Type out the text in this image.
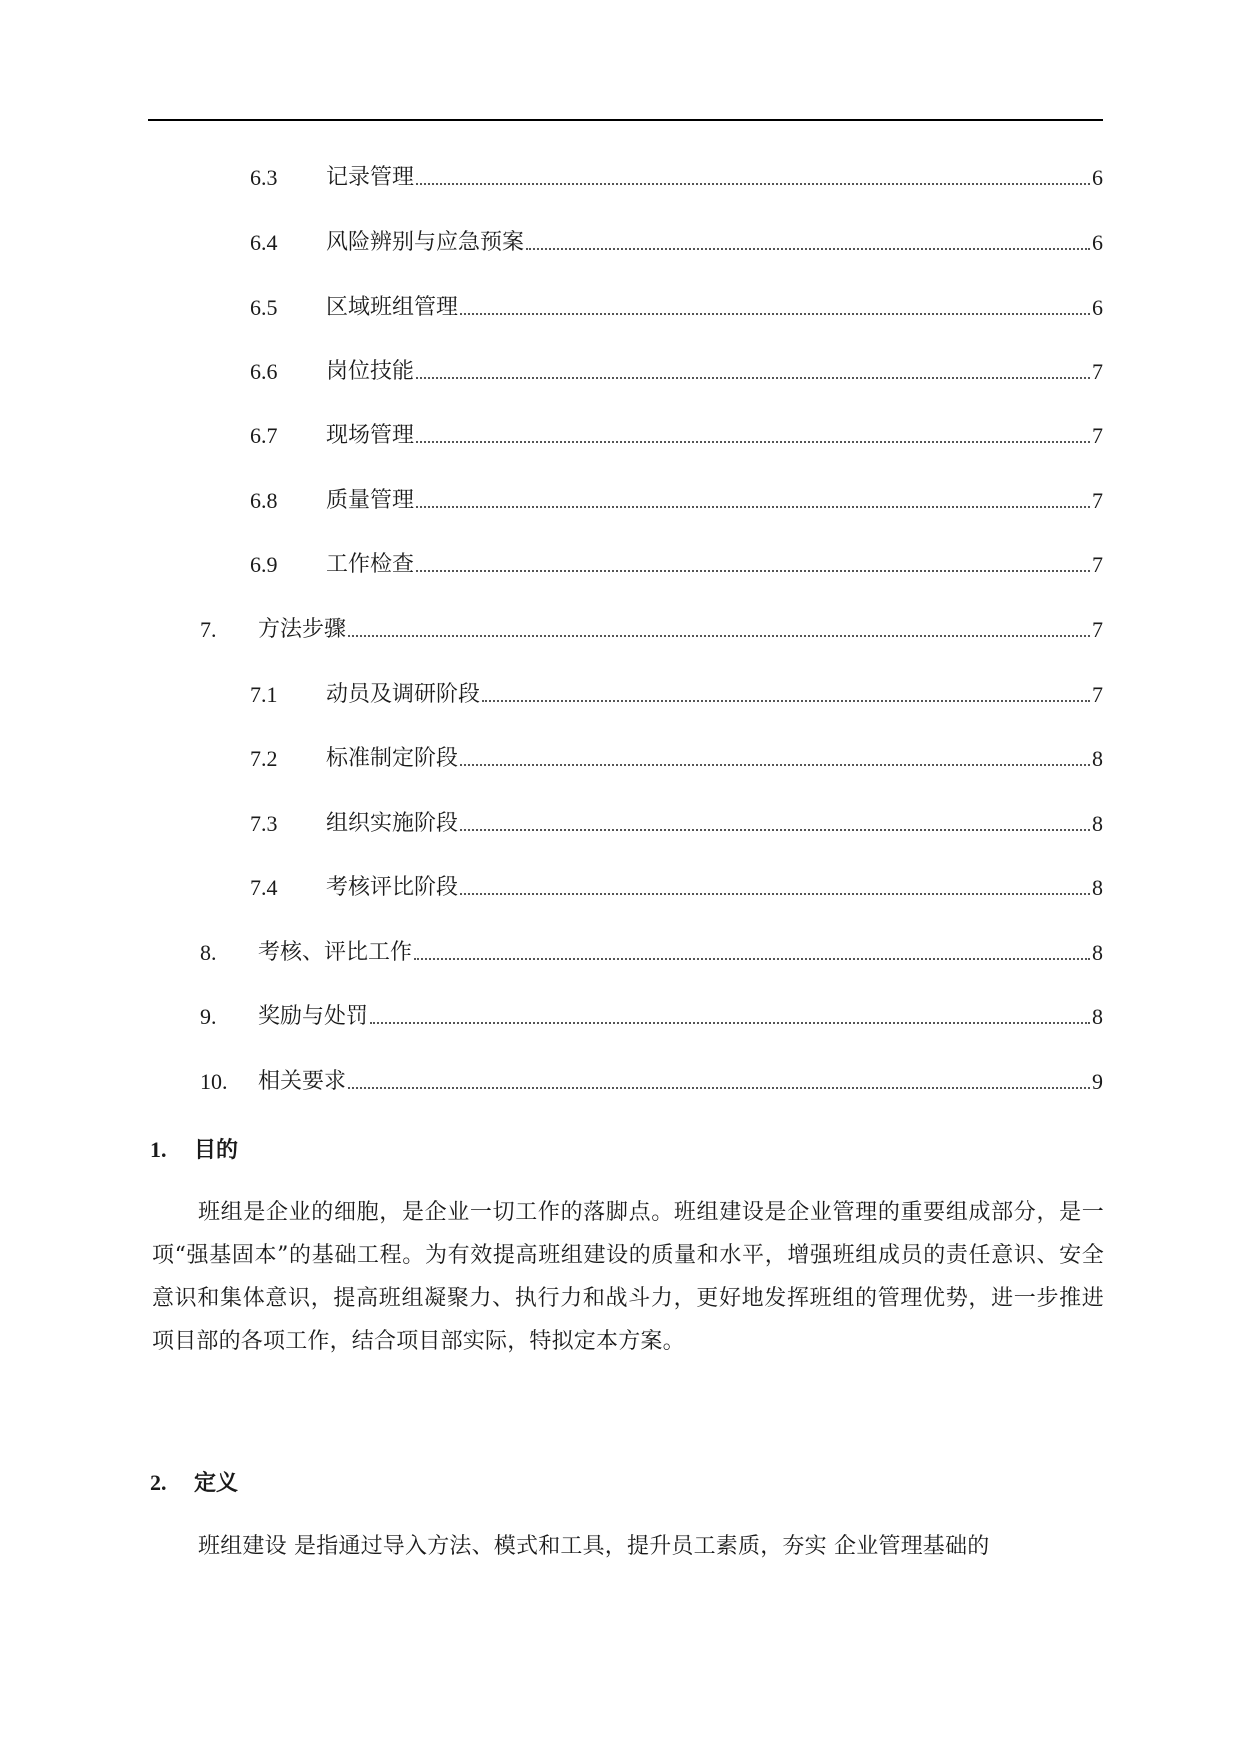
6.3	记录管理	6
6.4	风险辨别与应急预案	6
6.5	区域班组管理	6
6.6	岗位技能	7
6.7	现场管理	7
6.8	质量管理	7
6.9	工作检查	7
7.	方法步骤	7
7.1	动员及调研阶段	7
7.2	标准制定阶段	8
7.3	组织实施阶段	8
7.4	考核评比阶段	8
8.	考核、评比工作	8
9.	奖励与处罚	8
10.	相关要求	9
1.	目的

班组是企业的细胞，是企业一切工作的落脚点。班组建设是企业管理的重要组成部分，是一项“强基固本”的基础工程。为有效提高班组建设的质量和水平，增强班组成员的责任意识、安全意识和集体意识，提高班组凝聚力、执行力和战斗力，更好地发挥班组的管理优势，进一步推进项目部的各项工作，结合项目部实际，特拟定本方案。

2.	定义

班组建设 是指通过导入方法、模式和工具，提升员工素质，夯实 企业管理基础的
